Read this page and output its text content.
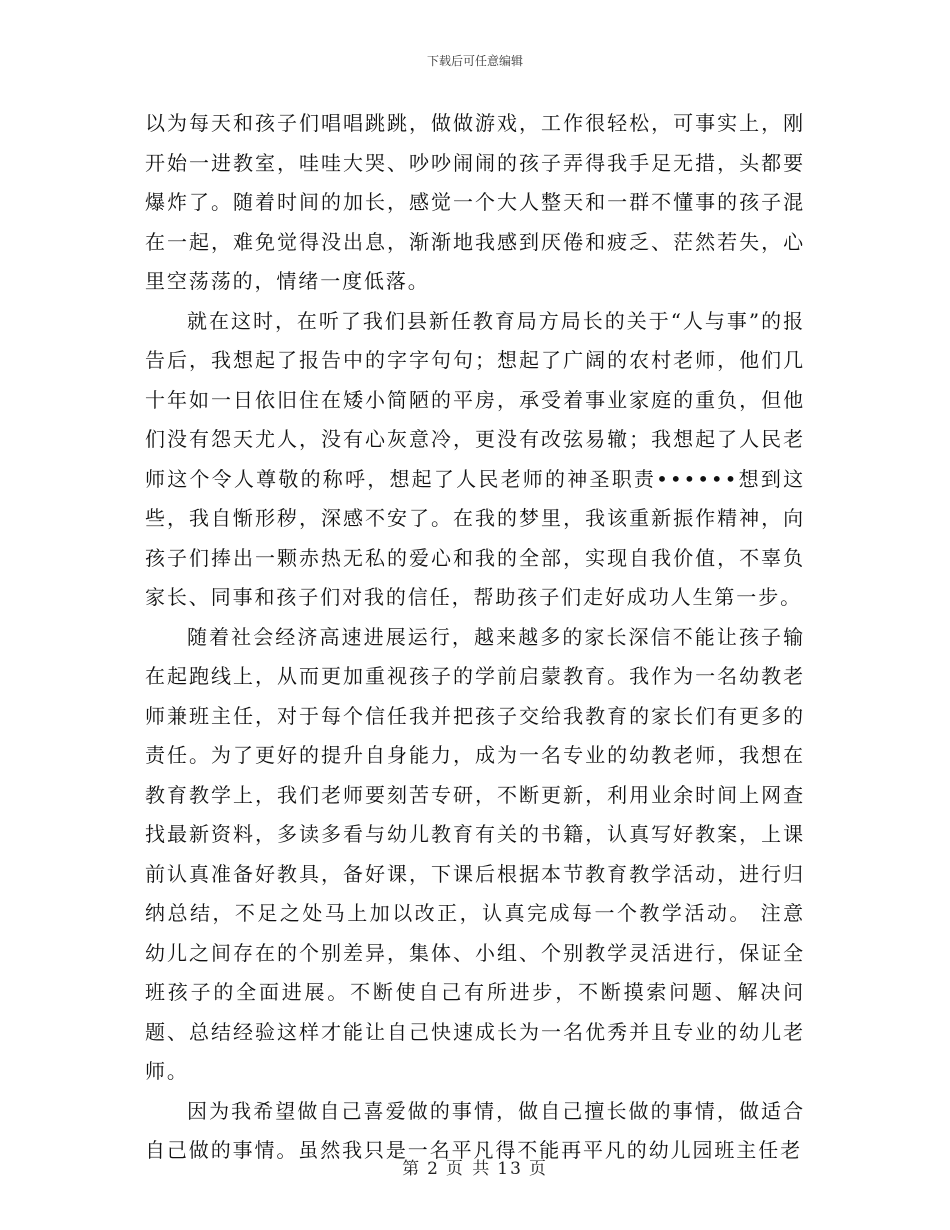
下载后可任意编辑

以为每天和孩子们唱唱跳跳，做做游戏，工作很轻松，可事实上，刚开始一进教室，哇哇大哭、吵吵闹闹的孩子弄得我手足无措，头都要爆炸了。随着时间的加长，感觉一个大人整天和一群不懂事的孩子混在一起，难免觉得没出息，渐渐地我感到厌倦和疲乏、茫然若失，心里空荡荡的，情绪一度低落。

就在这时，在听了我们县新任教育局方局长的关于“人与事”的报告后，我想起了报告中的字字句句；想起了广阔的农村老师，他们几十年如一日依旧住在矮小简陋的平房，承受着事业家庭的重负，但他们没有怨天尤人，没有心灰意冷，更没有改弦易辙；我想起了人民老师这个令人尊敬的称呼，想起了人民老师的神圣职责••••••想到这些，我自惭形秽，深感不安了。在我的梦里，我该重新振作精神，向孩子们捧出一颗赤热无私的爱心和我的全部，实现自我价值，不辜负家长、同事和孩子们对我的信任，帮助孩子们走好成功人生第一步。

随着社会经济高速进展运行，越来越多的家长深信不能让孩子输在起跑线上，从而更加重视孩子的学前启蒙教育。我作为一名幼教老师兼班主任，对于每个信任我并把孩子交给我教育的家长们有更多的责任。为了更好的提升自身能力，成为一名专业的幼教老师，我想在教育教学上，我们老师要刻苦专研，不断更新，利用业余时间上网查找最新资料，多读多看与幼儿教育有关的书籍，认真写好教案，上课前认真准备好教具，备好课，下课后根据本节教育教学活动，进行归纳总结，不足之处马上加以改正，认真完成每一个教学活动。 注意幼儿之间存在的个别差异，集体、小组、个别教学灵活进行，保证全班孩子的全面进展。不断使自己有所进步，不断摸索问题、解决问题、总结经验这样才能让自己快速成长为一名优秀并且专业的幼儿老师。

因为我希望做自己喜爱做的事情，做自己擅长做的事情，做适合自己做的事情。虽然我只是一名平凡得不能再平凡的幼儿园班主任老

第 2 页 共 13 页
